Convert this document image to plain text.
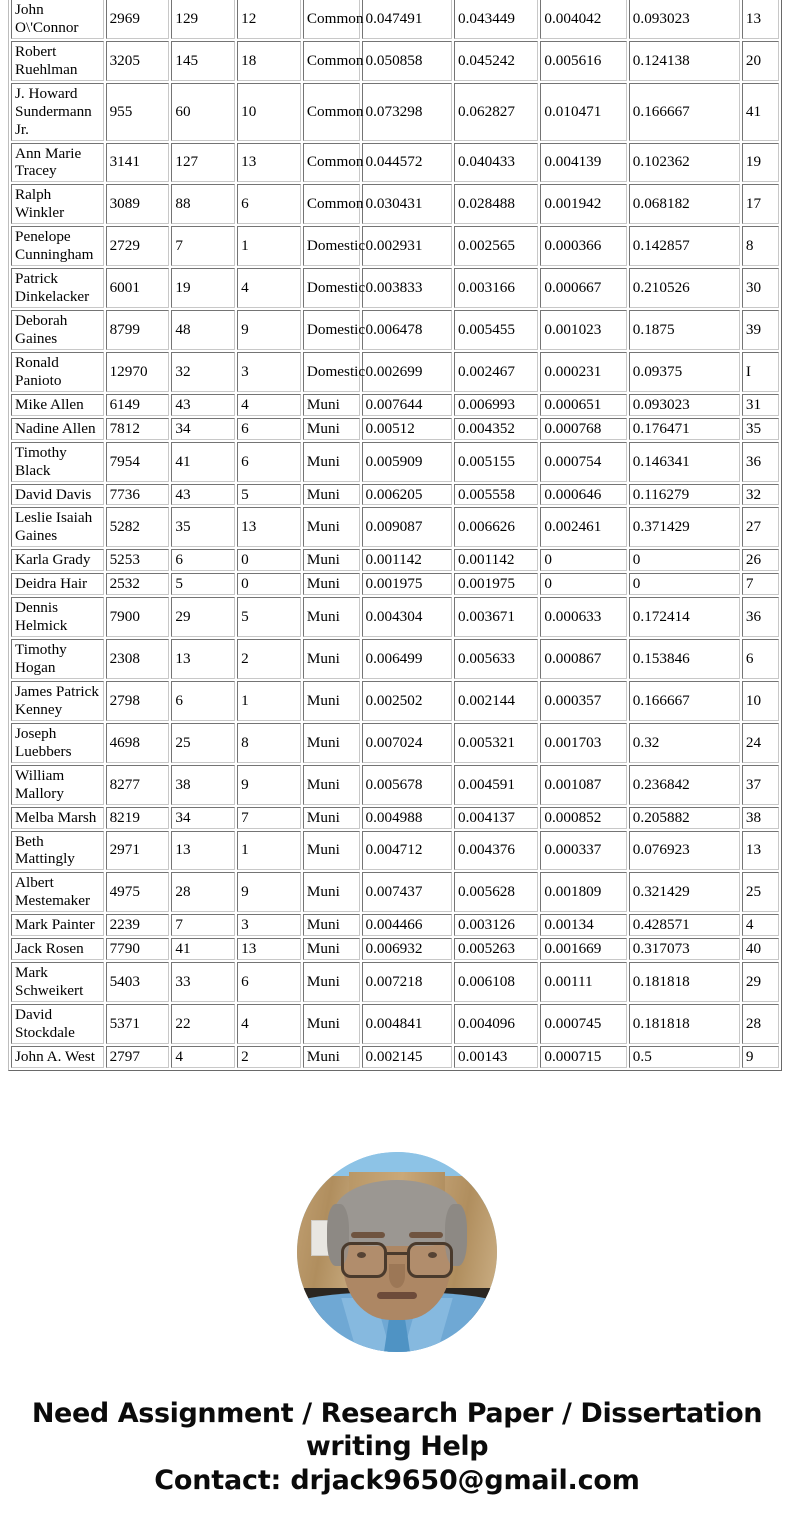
John O\'Connor	2969	129	12	Common	0.047491	0.043449	0.004042	0.093023	13
Robert Ruehlman	3205	145	18	Common	0.050858	0.045242	0.005616	0.124138	20
J. Howard Sundermann Jr.	955	60	10	Common	0.073298	0.062827	0.010471	0.166667	41
Ann Marie Tracey	3141	127	13	Common	0.044572	0.040433	0.004139	0.102362	19
Ralph Winkler	3089	88	6	Common	0.030431	0.028488	0.001942	0.068182	17
Penelope Cunningham	2729	7	1	Domestic	0.002931	0.002565	0.000366	0.142857	8
Patrick Dinkelacker	6001	19	4	Domestic	0.003833	0.003166	0.000667	0.210526	30
Deborah Gaines	8799	48	9	Domestic	0.006478	0.005455	0.001023	0.1875	39
Ronald Panioto	12970	32	3	Domestic	0.002699	0.002467	0.000231	0.09375	I
Mike Allen	6149	43	4	Muni	0.007644	0.006993	0.000651	0.093023	31
Nadine Allen	7812	34	6	Muni	0.00512	0.004352	0.000768	0.176471	35
Timothy Black	7954	41	6	Muni	0.005909	0.005155	0.000754	0.146341	36
David Davis	7736	43	5	Muni	0.006205	0.005558	0.000646	0.116279	32
Leslie Isaiah Gaines	5282	35	13	Muni	0.009087	0.006626	0.002461	0.371429	27
Karla Grady	5253	6	0	Muni	0.001142	0.001142	0	0	26
Deidra Hair	2532	5	0	Muni	0.001975	0.001975	0	0	7
Dennis Helmick	7900	29	5	Muni	0.004304	0.003671	0.000633	0.172414	36
Timothy Hogan	2308	13	2	Muni	0.006499	0.005633	0.000867	0.153846	6
James Patrick Kenney	2798	6	1	Muni	0.002502	0.002144	0.000357	0.166667	10
Joseph Luebbers	4698	25	8	Muni	0.007024	0.005321	0.001703	0.32	24
William Mallory	8277	38	9	Muni	0.005678	0.004591	0.001087	0.236842	37
Melba Marsh	8219	34	7	Muni	0.004988	0.004137	0.000852	0.205882	38
Beth Mattingly	2971	13	1	Muni	0.004712	0.004376	0.000337	0.076923	13
Albert Mestemaker	4975	28	9	Muni	0.007437	0.005628	0.001809	0.321429	25
Mark Painter	2239	7	3	Muni	0.004466	0.003126	0.00134	0.428571	4
Jack Rosen	7790	41	13	Muni	0.006932	0.005263	0.001669	0.317073	40
Mark Schweikert	5403	33	6	Muni	0.007218	0.006108	0.00111	0.181818	29
David Stockdale	5371	22	4	Muni	0.004841	0.004096	0.000745	0.181818	28
John A. West	2797	4	2	Muni	0.002145	0.00143	0.000715	0.5	9
Need Assignment / Research Paper / Dissertation writing Help
Contact: drjack9650@gmail.com
